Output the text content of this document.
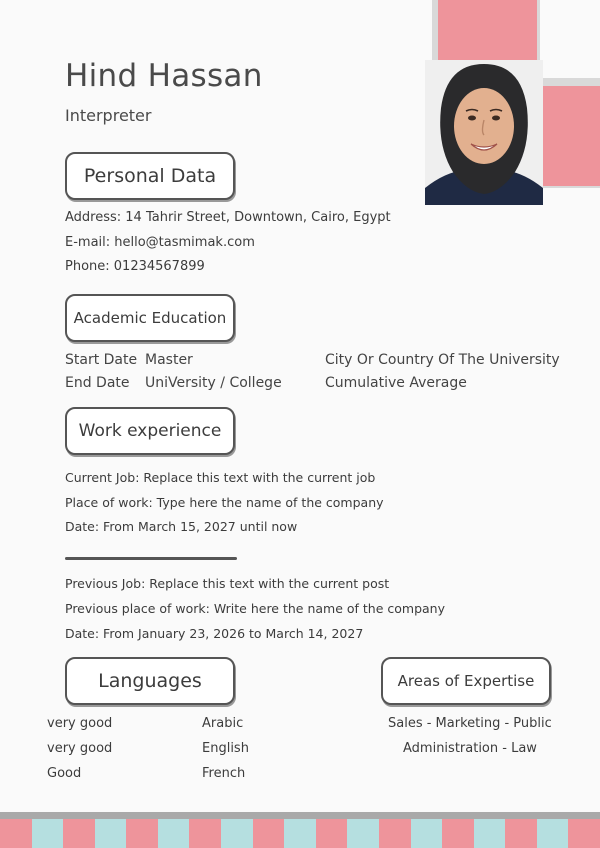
Hind Hassan
Interpreter
Personal Data
Address: 14 Tahrir Street, Downtown, Cairo, Egypt
E-mail: hello@tasmimak.com
Phone: 01234567899
Academic Education
Start Date Master	City Or Country Of The University
End Date UniVersity / College	Cumulative Average
Work experience
Current Job: Replace this text with the current job
Place of work: Type here the name of the company
Date: From March 15, 2027 until now
Previous Job: Replace this text with the current post
Previous place of work: Write here the name of the company
Date: From January 23, 2026 to March 14, 2027
Languages
very good	Arabic
very good	English
Good	French
Areas of Expertise
Sales - Marketing - Public
Administration - Law
